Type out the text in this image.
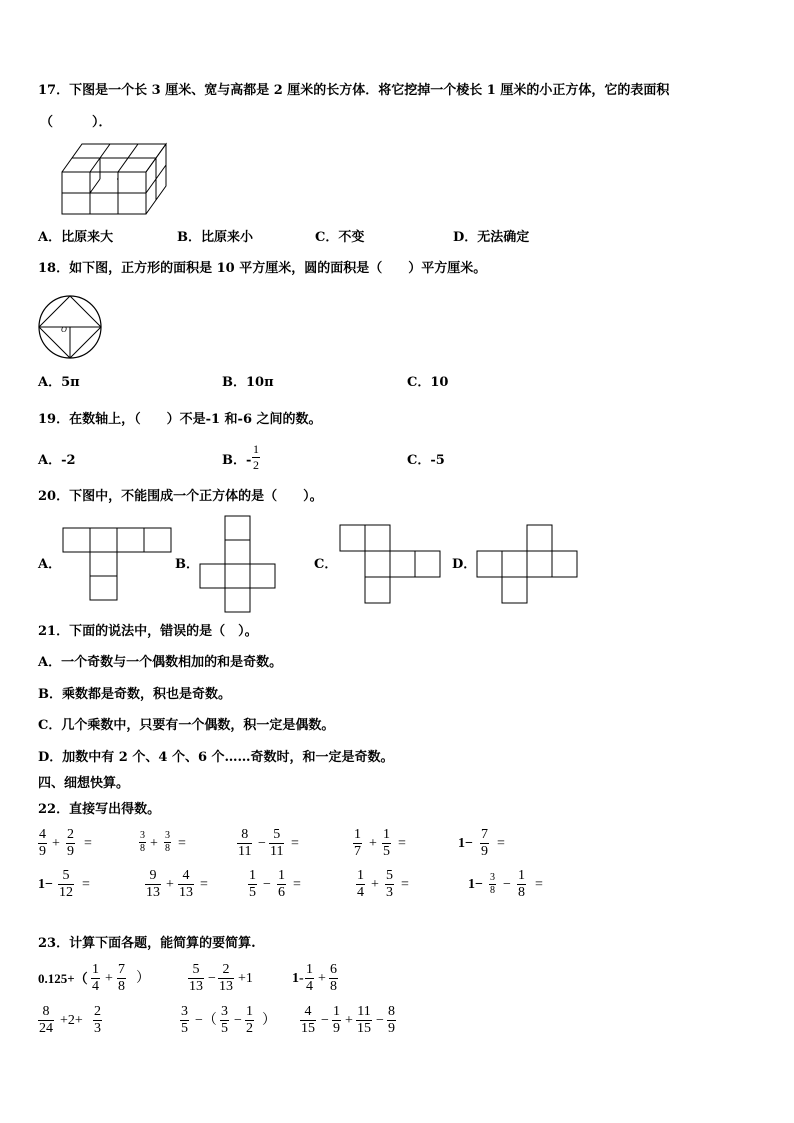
17．下图是一个长 3 厘米、宽与高都是 2 厘米的长方体．将它挖掉一个棱长 1 厘米的小正方体，它的表面积
（　　　）．
A．比原来大	B．比原来小	C．不变	D．无法确定
18．如下图，正方形的面积是 10 平方厘米，圆的面积是（　　）平方厘米。
O
A．5π	B．10π	C．10
19．在数轴上，（　　）不是-1 和-6 之间的数。
A．-2	B．- $\frac{1}{2}$	C．-5
20．下图中，不能围成一个正方体的是（　　）。
A．	B．	C．	D．
21．下面的说法中，错误的是（　）。
A．一个奇数与一个偶数相加的和是奇数。
B．乘数都是奇数，积也是奇数。
C．几个乘数中，只要有一个偶数，积一定是偶数。
D．加数中有 2 个、4 个、6 个……奇数时，和一定是奇数。
四、细想快算。
22．直接写出得数。
$\frac{4}{9} + \frac{2}{9}$ =	$\frac{3}{8} + \frac{3}{8}$ =	$\frac{8}{11} - \frac{5}{11}$ =	$\frac{1}{7} + \frac{1}{5}$ =	$1- \frac{7}{9}$ =
$1- \frac{5}{12}$ =	$\frac{9}{13} + \frac{4}{13}$ =	$\frac{1}{5} - \frac{1}{6}$ =	$\frac{1}{4} + \frac{5}{3}$ =	$1- \frac{3}{8} - \frac{1}{8}$ =
23．计算下面各题，能简算的要简算.
$0.125+( \frac{1}{4} + \frac{7}{8}$ ）	$\frac{5}{13} - \frac{2}{13} +1$	$1- \frac{1}{4} + \frac{6}{8}$
$\frac{8}{24} +2+ \frac{2}{3}$	$\frac{3}{5}$ −（ $\frac{3}{5} - \frac{1}{2}$ ） $\frac{4}{15} - \frac{1}{9} + \frac{11}{15} - \frac{8}{9}$
